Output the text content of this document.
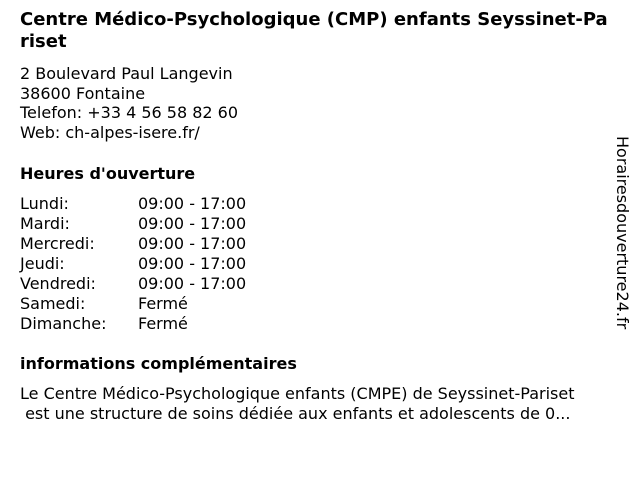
Centre Médico-Psychologique (CMP) enfants Seyssinet-Pariset
2 Boulevard Paul Langevin
38600 Fontaine
Telefon: +33 4 56 58 82 60
Web: ch-alpes-isere.fr/
Heures d'ouverture
Lundi:	09:00 - 17:00
Mardi:	09:00 - 17:00
Mercredi:	09:00 - 17:00
Jeudi:	09:00 - 17:00
Vendredi:	09:00 - 17:00
Samedi:	Fermé
Dimanche: Fermé
informations complémentaires
Le Centre Médico-Psychologique enfants (CMPE) de Seyssinet-Pariset
est une structure de soins dédiée aux enfants et adolescents de 0...
Horairesdouverture24.fr
